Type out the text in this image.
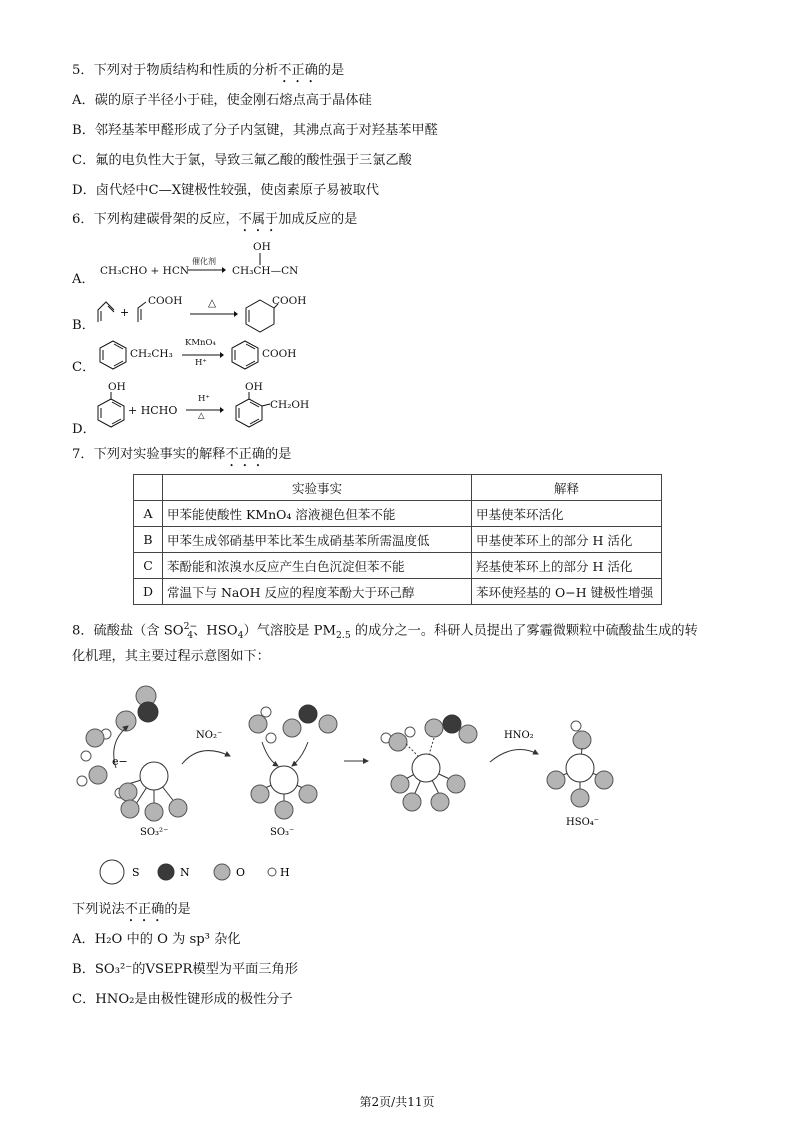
5．下列对于物质结构和性质的分析不正确的是
A．碳的原子半径小于硅，使金刚石熔点高于晶体硅
B．邻羟基苯甲醛形成了分子内氢键，其沸点高于对羟基苯甲醛
C．氟的电负性大于氯，导致三氟乙酸的酸性强于三氯乙酸
D．卤代烃中C—X键极性较强，使卤素原子易被取代
6．下列构建碳骨架的反应，不属于加成反应的是
A．
CH₃CHO + HCN
催化剂
OH
CH₃CH—CN
B．
+
COOH △	COOH
C．
CH₂CH₃
KMnO₄
H⁺
COOH
D．
OH
+ HCHO
H⁺
△
OH
CH₂OH
7．下列对实验事实的解释不正确的是
	实验事实	解释
A	甲苯能使酸性 KMnO₄ 溶液褪色但苯不能	甲基使苯环活化
B	甲苯生成邻硝基甲苯比苯生成硝基苯所需温度低	甲基使苯环上的部分 H 活化
C	苯酚能和浓溴水反应产生白色沉淀但苯不能	羟基使苯环上的部分 H 活化
D	常温下与 NaOH 反应的程度苯酚大于环己醇	苯环使羟基的 O−H 键极性增强
8．硫酸盐（含 $SO^{2-}_4$、$HSO_4$）气溶胶是 $PM_{2.5}$ 的成分之一。科研人员提出了雾霾微颗粒中硫酸盐生成的转
化机理，其主要过程示意图如下：
e−
SO₃²⁻
NO₂⁻
SO₃⁻
HNO₂
HSO₄⁻
S	N	O	H
下列说法不正确的是
A．H₂O 中的 O 为 sp³ 杂化
B．SO₃²⁻的VSEPR模型为平面三角形
C．HNO₂是由极性键形成的极性分子
第2页/共11页
